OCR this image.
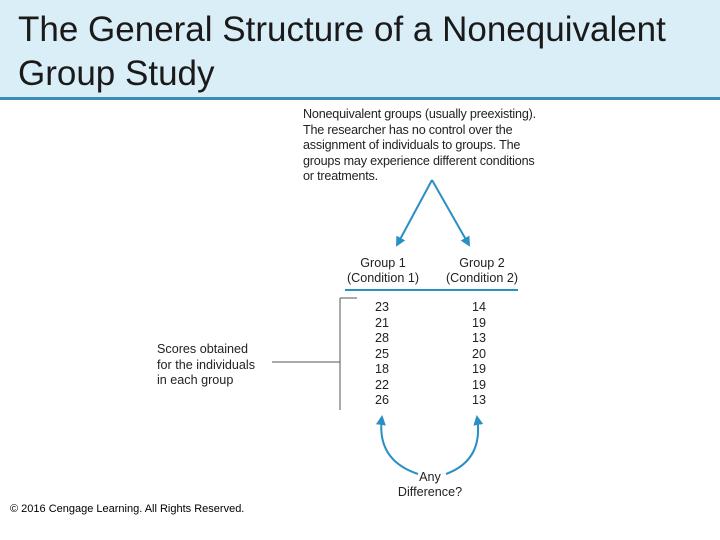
The General Structure of a Nonequivalent
Group Study
Nonequivalent groups (usually preexisting).
The researcher has no control over the
assignment of individuals to groups. The
groups may experience different conditions
or treatments.
Group 1
(Condition 1)
Group 2
(Condition 2)
23
21
28
25
18
22
26
14
19
13
20
19
19
13
Scores obtained
for the individuals
in each group
Any
Difference?
© 2016 Cengage Learning. All Rights Reserved.
